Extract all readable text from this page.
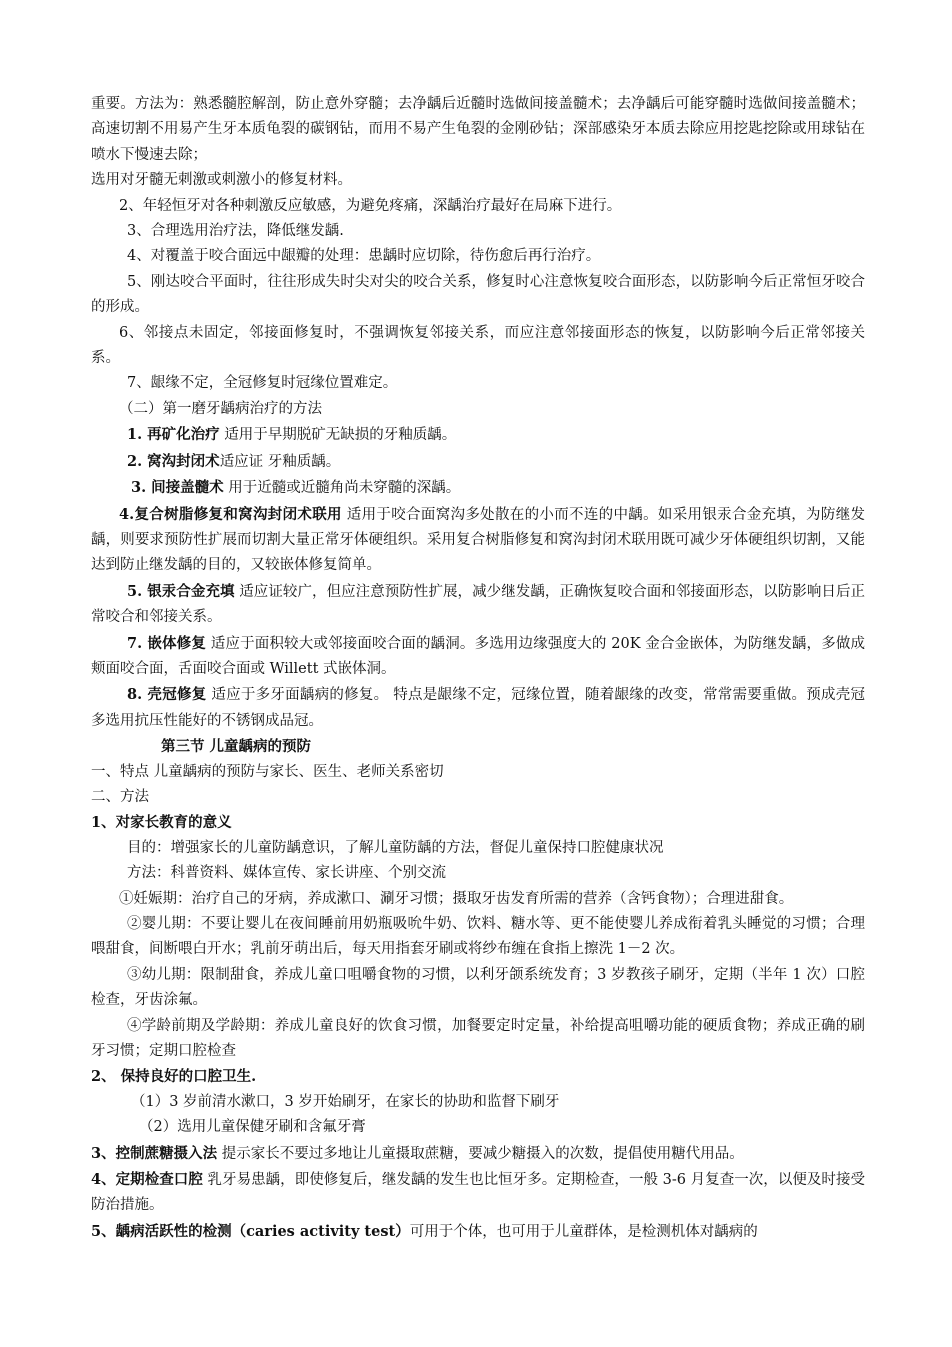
重要。方法为：熟悉髓腔解剖，防止意外穿髓；去净龋后近髓时选做间接盖髓术；去净龋后可能穿髓时选做间接盖髓术；高速切割不用易产生牙本质龟裂的碳钢钻，而用不易产生龟裂的金刚砂钻；深部感染牙本质去除应用挖匙挖除或用球钻在喷水下慢速去除；

选用对牙髓无刺激或刺激小的修复材料。

2、年轻恒牙对各种刺激反应敏感，为避免疼痛，深龋治疗最好在局麻下进行。

3、合理选用治疗法，降低继发龋.

4、对覆盖于咬合面远中龈瓣的处理：患龋时应切除，待伤愈后再行治疗。

5、刚达咬合平面时，往往形成失时尖对尖的咬合关系，修复时心注意恢复咬合面形态，以防影响今后正常恒牙咬合的形成。

6、邻接点未固定，邻接面修复时，不强调恢复邻接关系，而应注意邻接面形态的恢复，以防影响今后正常邻接关系。

7、龈缘不定，全冠修复时冠缘位置难定。

（二）第一磨牙龋病治疗的方法

1. 再矿化治疗 适用于早期脱矿无缺损的牙釉质龋。

2. 窝沟封闭术适应证 牙釉质龋。

3. 间接盖髓术 用于近髓或近髓角尚未穿髓的深龋。

4.复合树脂修复和窝沟封闭术联用 适用于咬合面窝沟多处散在的小而不连的中龋。如采用银汞合金充填，为防继发龋，则要求预防性扩展而切割大量正常牙体硬组织。采用复合树脂修复和窝沟封闭术联用既可减少牙体硬组织切割，又能达到防止继发龋的目的，又较嵌体修复简单。

5. 银汞合金充填 适应证较广，但应注意预防性扩展，减少继发龋，正确恢复咬合面和邻接面形态，以防影响日后正常咬合和邻接关系。

7. 嵌体修复 适应于面积较大或邻接面咬合面的龋洞。多选用边缘强度大的 20K 金合金嵌体，为防继发龋，多做成颊面咬合面，舌面咬合面或 Willett 式嵌体洞。

8. 壳冠修复 适应于多牙面龋病的修复。 特点是龈缘不定，冠缘位置，随着龈缘的改变，常常需要重做。预成壳冠多选用抗压性能好的不锈钢成品冠。

第三节 儿童龋病的预防

一、特点 儿童龋病的预防与家长、医生、老师关系密切

二、方法

1、对家长教育的意义

目的：增强家长的儿童防龋意识，了解儿童防龋的方法，督促儿童保持口腔健康状况

方法：科普资料、媒体宣传、家长讲座、个别交流

①妊娠期：治疗自己的牙病，养成漱口、涮牙习惯；摄取牙齿发育所需的营养（含钙食物）；合理进甜食。

②婴儿期：不要让婴儿在夜间睡前用奶瓶吸吮牛奶、饮料、糖水等、更不能使婴儿养成衔着乳头睡觉的习惯；合理喂甜食，间断喂白开水；乳前牙萌出后，每天用指套牙刷或将纱布缠在食指上擦洗 1－2 次。

③幼儿期：限制甜食，养成儿童口咀嚼食物的习惯，以利牙颌系统发育；3 岁教孩子刷牙，定期（半年 1 次）口腔检查，牙齿涂氟。

④学龄前期及学龄期：养成儿童良好的饮食习惯，加餐要定时定量，补给提高咀嚼功能的硬质食物；养成正确的刷牙习惯；定期口腔检查

2、 保持良好的口腔卫生.

（1）3 岁前清水漱口，3 岁开始刷牙，在家长的协助和监督下刷牙

（2）选用儿童保健牙刷和含氟牙膏

3、控制蔗糖摄入法 提示家长不要过多地让儿童摄取蔗糖，要减少糖摄入的次数，提倡使用糖代用品。

4、定期检查口腔 乳牙易患龋，即使修复后，继发龋的发生也比恒牙多。定期检查，一般 3-6 月复查一次，以便及时接受防治措施。

5、龋病活跃性的检测（caries activity test）可用于个体，也可用于儿童群体，是检测机体对龋病的
